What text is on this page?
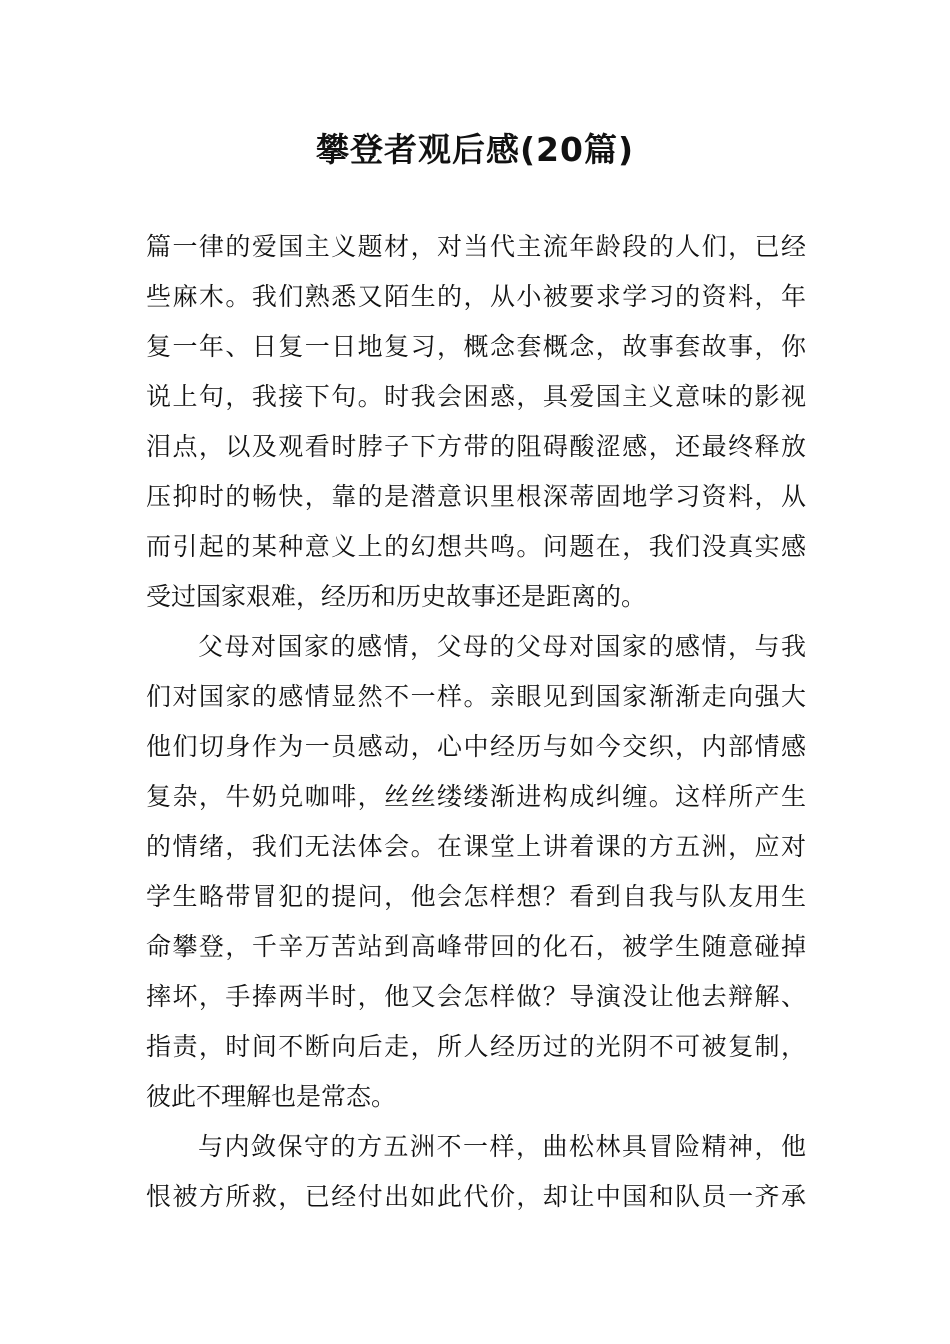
攀登者观后感(20篇)
篇一律的爱国主义题材，对当代主流年龄段的人们，已经
些麻木。我们熟悉又陌生的，从小被要求学习的资料，年
复一年、日复一日地复习，概念套概念，故事套故事，你
说上句，我接下句。时我会困惑，具爱国主义意味的影视
泪点，以及观看时脖子下方带的阻碍酸涩感，还最终释放
压抑时的畅快，靠的是潜意识里根深蒂固地学习资料，从
而引起的某种意义上的幻想共鸣。问题在，我们没真实感
受过国家艰难，经历和历史故事还是距离的。
父母对国家的感情，父母的父母对国家的感情，与我
们对国家的感情显然不一样。亲眼见到国家渐渐走向强大
他们切身作为一员感动，心中经历与如今交织，内部情感
复杂，牛奶兑咖啡，丝丝缕缕渐进构成纠缠。这样所产生
的情绪，我们无法体会。在课堂上讲着课的方五洲，应对
学生略带冒犯的提问，他会怎样想？看到自我与队友用生
命攀登，千辛万苦站到高峰带回的化石，被学生随意碰掉
摔坏，手捧两半时，他又会怎样做？导演没让他去辩解、
指责，时间不断向后走，所人经历过的光阴不可被复制，
彼此不理解也是常态。
与内敛保守的方五洲不一样，曲松林具冒险精神，他
恨被方所救，已经付出如此代价，却让中国和队员一齐承
